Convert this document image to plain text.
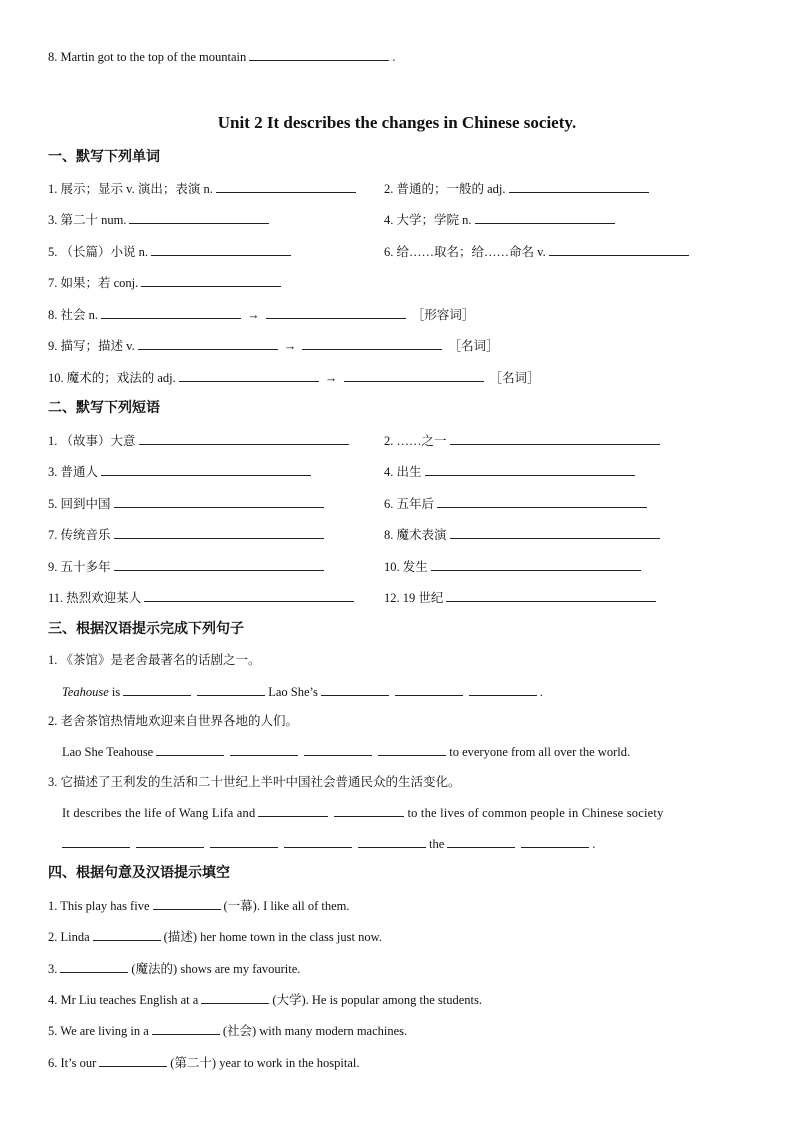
8. Martin got to the top of the mountain	.
Unit 2 It describes the changes in Chinese society.
一、默写下列单词
1. 展示；显示 v. 演出；表演 n.	2. 普通的；一般的 adj.
3. 第二十 num.	4. 大学；学院 n.
5. （长篇）小说 n.	6. 给……取名；给……命名 v.
7. 如果；若 conj.
8. 社会 n.	→	［形容词］
9. 描写；描述 v.	→	［名词］
10. 魔术的；戏法的 adj.	→	［名词］
二、默写下列短语
1. （故事）大意	2. ……之一
3. 普通人	4. 出生
5. 回到中国	6. 五年后
7. 传统音乐	8. 魔术表演
9. 五十多年	10. 发生
11. 热烈欢迎某人	12. 19 世纪
三、根据汉语提示完成下列句子
1. 《茶馆》是老舍最著名的话剧之一。
Teahouse is	Lao She’s	.
2. 老舍茶馆热情地欢迎来自世界各地的人们。
Lao She Teahouse	to everyone from all over the world.
3. 它描述了王利发的生活和二十世纪上半叶中国社会普通民众的生活变化。
It describes the life of Wang Lifa and	to the lives of common people in Chinese society
the	.
四、根据句意及汉语提示填空
1. This play has five	(一幕). I like all of them.
2. Linda	(描述) her home town in the class just now.
3.	(魔法的) shows are my favourite.
4. Mr Liu teaches English at a	(大学). He is popular among the students.
5. We are living in a	(社会) with many modern machines.
6. It’s our	(第二十) year to work in the hospital.
